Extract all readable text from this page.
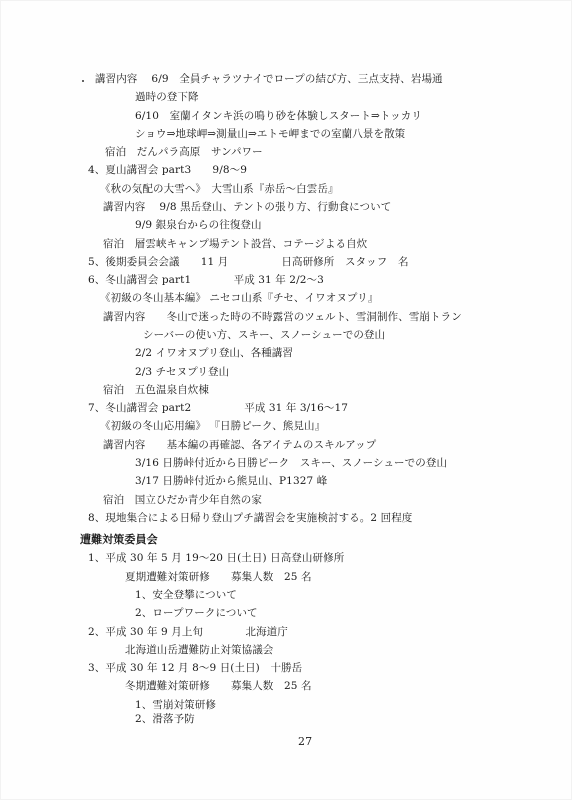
講習内容　 6/9　全員チャラツナイでロープの結び方、三点支持、岩場通
過時の登下降
6/10　室蘭イタンキ浜の鳴り砂を体験しスタート⇒トッカリ
ショウ⇒地球岬⇒測量山⇒エトモ岬までの室蘭八景を散策
宿泊　だんパラ高原　サンパワー
4、夏山講習会 part3　　9/8～9
《秋の気配の大雪へ》　大雪山系『赤岳～白雲岳』
講習内容　 9/8 黒岳登山、テントの張り方、行動食について
9/9 銀泉台からの往復登山
宿泊　層雲峡キャンプ場テント設営、コテージよる自炊
5、後期委員会会議　　11 月　　　　　日高研修所　スタッフ　名
6、冬山講習会 part1　　　　平成 31 年 2/2～3
《初級の冬山基本編》 ニセコ山系『チセ、イワオヌプリ』
講習内容　　冬山で迷った時の不時露営のツェルト、雪洞制作、雪崩トラン
シーバーの使い方、スキー、スノーシューでの登山
2/2 イワオヌプリ登山、各種講習
2/3 チセヌプリ登山
宿泊　五色温泉自炊棟
7、冬山講習会 part2　　　　　平成 31 年 3/16～17
《初級の冬山応用編》 『日勝ピーク、熊見山』
講習内容　　基本編の再確認、各アイテムのスキルアップ
3/16 日勝峠付近から日勝ピーク　スキー、スノーシューでの登山
3/17 日勝峠付近から熊見山、P1327 峰
宿泊　国立ひだか青少年自然の家
8、現地集合による日帰り登山プチ講習会を実施検討する。2 回程度
遭難対策委員会
1、平成 30 年 5 月 19～20 日(土日) 日高登山研修所
夏期遭難対策研修　　募集人数　25 名
1、安全登攀について
2、ロープワークについて
2、平成 30 年 9 月上旬　　　　北海道庁
北海道山岳遭難防止対策協議会
3、平成 30 年 12 月 8～9 日(土日)　十勝岳
冬期遭難対策研修　　募集人数　25 名
1、雪崩対策研修
2、滑落予防
27
